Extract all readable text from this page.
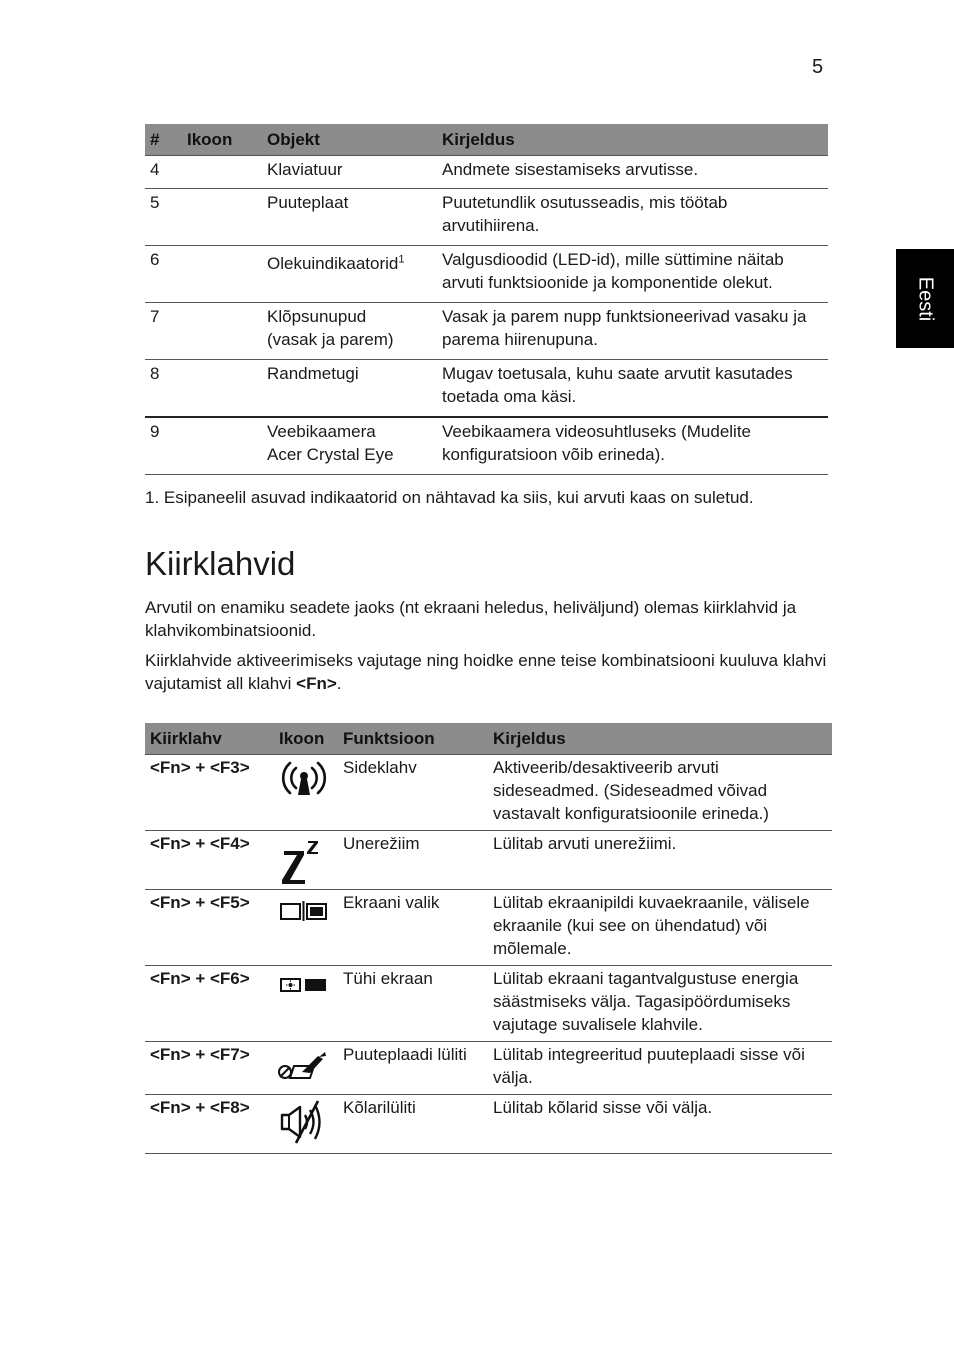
5
Eesti
#	Ikoon	Objekt	Kirjeldus
4		Klaviatuur	Andmete sisestamiseks arvutisse.
5		Puuteplaat	Puutetundlik osutusseadis, mis töötab arvutihiirena.
6		Olekuindikaatorid$^1$	Valgusdioodid (LED-id), mille süttimine näitab arvuti funktsioonide ja komponentide olekut.
7		Klõpsunupud (vasak ja parem)	Vasak ja parem nupp funktsioneerivad vasaku ja parema hiirenupuna.
8		Randmetugi	Mugav toetusala, kuhu saate arvutit kasutades toetada oma käsi.
9		Veebikaamera Acer Crystal Eye	Veebikaamera videosuhtluseks (Mudelite konfiguratsioon võib erineda).
1. Esipaneelil asuvad indikaatorid on nähtavad ka siis, kui arvuti kaas on suletud.
Kiirklahvid

Arvutil on enamiku seadete jaoks (nt ekraani heledus, heliväljund) olemas kiirklahvid ja klahvikombinatsioonid.

Kiirklahvide aktiveerimiseks vajutage ning hoidke enne teise kombinatsiooni kuuluva klahvi vajutamist all klahvi <Fn>.

Kiirklahv	Ikoon	Funktsioon	Kirjeldus
<Fn> + <F3>		Sideklahv	Aktiveerib/desaktiveerib arvuti sideseadmed. (Sideseadmed võivad vastavalt konfiguratsioonile erineda.)
<Fn> + <F4>		Unerežiim	Lülitab arvuti unerežiimi.
<Fn> + <F5>		Ekraani valik	Lülitab ekraanipildi kuvaekraanile, välisele ekraanile (kui see on ühendatud) või mõlemale.
<Fn> + <F6>		Tühi ekraan	Lülitab ekraani tagantvalgustuse energia säästmiseks välja. Tagasipöördumiseks vajutage suvalisele klahvile.
<Fn> + <F7>		Puuteplaadi lüliti	Lülitab integreeritud puuteplaadi sisse või välja.
<Fn> + <F8>		Kõlarilüliti	Lülitab kõlarid sisse või välja.
